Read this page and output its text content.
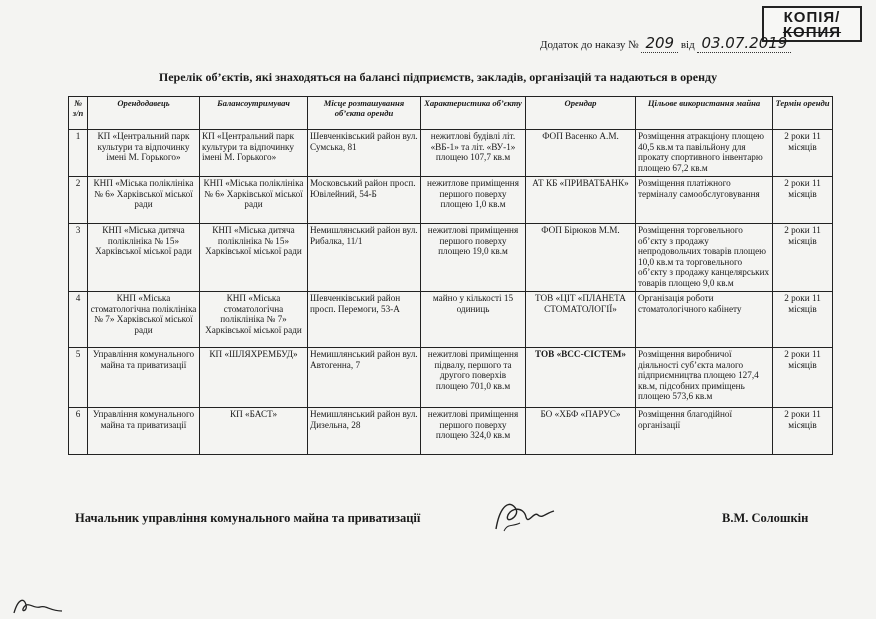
КОПІЯ/
КОПИЯ
Додаток до наказу № 209 від 03.07.2019
Перелік об’єктів, які знаходяться на балансі підприємств, закладів, організацій та надаються в оренду
№ з/п	Орендодавець	Балансоутримувач	Місце розташування об’єкта оренди	Характеристика об’єкту	Орендар	Цільове використання майна	Термін оренди
1	КП «Центральний парк культури та відпочинку імені М. Горького»	КП «Центральний парк культури та відпочинку імені М. Горького»	Шевченківський район вул. Сумська, 81	нежитлові будівлі літ. «ВБ-1» та літ. «ВУ-1» площею 107,7 кв.м	ФОП Васенко А.М.	Розміщення атракціону площею 40,5 кв.м та павільйону для прокату спортивного інвентарю площею 67,2 кв.м	2 роки 11 місяців
2	КНП «Міська поліклініка № 6» Харківської міської ради	КНП «Міська поліклініка № 6» Харківської міської ради	Московський район просп. Ювілейний, 54-Б	нежитлове приміщення першого поверху площею 1,0 кв.м	АТ КБ «ПРИВАТБАНК»	Розміщення платіжного терміналу самообслуговування	2 роки 11 місяців
3	КНП «Міська дитяча поліклініка № 15» Харківської міської ради	КНП «Міська дитяча поліклініка № 15» Харківської міської ради	Немишлянський район вул. Рибалка, 11/1	нежитлові приміщення першого поверху площею 19,0 кв.м	ФОП Бірюков М.М.	Розміщення торговельного об’єкту з продажу непродовольчих товарів площею 10,0 кв.м та торговельного об’єкту з продажу канцелярських товарів площею 9,0 кв.м	2 роки 11 місяців
4	КНП «Міська стоматологічна поліклініка № 7» Харківської міської ради	КНП «Міська стоматологічна поліклініка № 7» Харківської міської ради	Шевченківський район просп. Перемоги, 53-А	майно у кількості 15 одиниць	ТОВ «ЦІТ «ПЛАНЕТА СТОМАТОЛОГІЇ»	Організація роботи стоматологічного кабінету	2 роки 11 місяців
5	Управління комунального майна та приватизації	КП «ШЛЯХРЕМБУД»	Немишлянський район вул. Автогенна, 7	нежитлові приміщення підвалу, першого та другого поверхів площею 701,0 кв.м	ТОВ «ВСС-СІСТЕМ»	Розміщення виробничої діяльності суб’єкта малого підприємництва площею 127,4 кв.м, підсобних приміщень площею 573,6 кв.м	2 роки 11 місяців
6	Управління комунального майна та приватизації	КП «БАСТ»	Немишлянський район вул. Дизельна, 28	нежитлові приміщення першого поверху площею 324,0 кв.м	БО «ХБФ «ПАРУС»	Розміщення благодійної організації	2 роки 11 місяців
Начальник управління комунального майна та приватизації	В.М. Солошкін
